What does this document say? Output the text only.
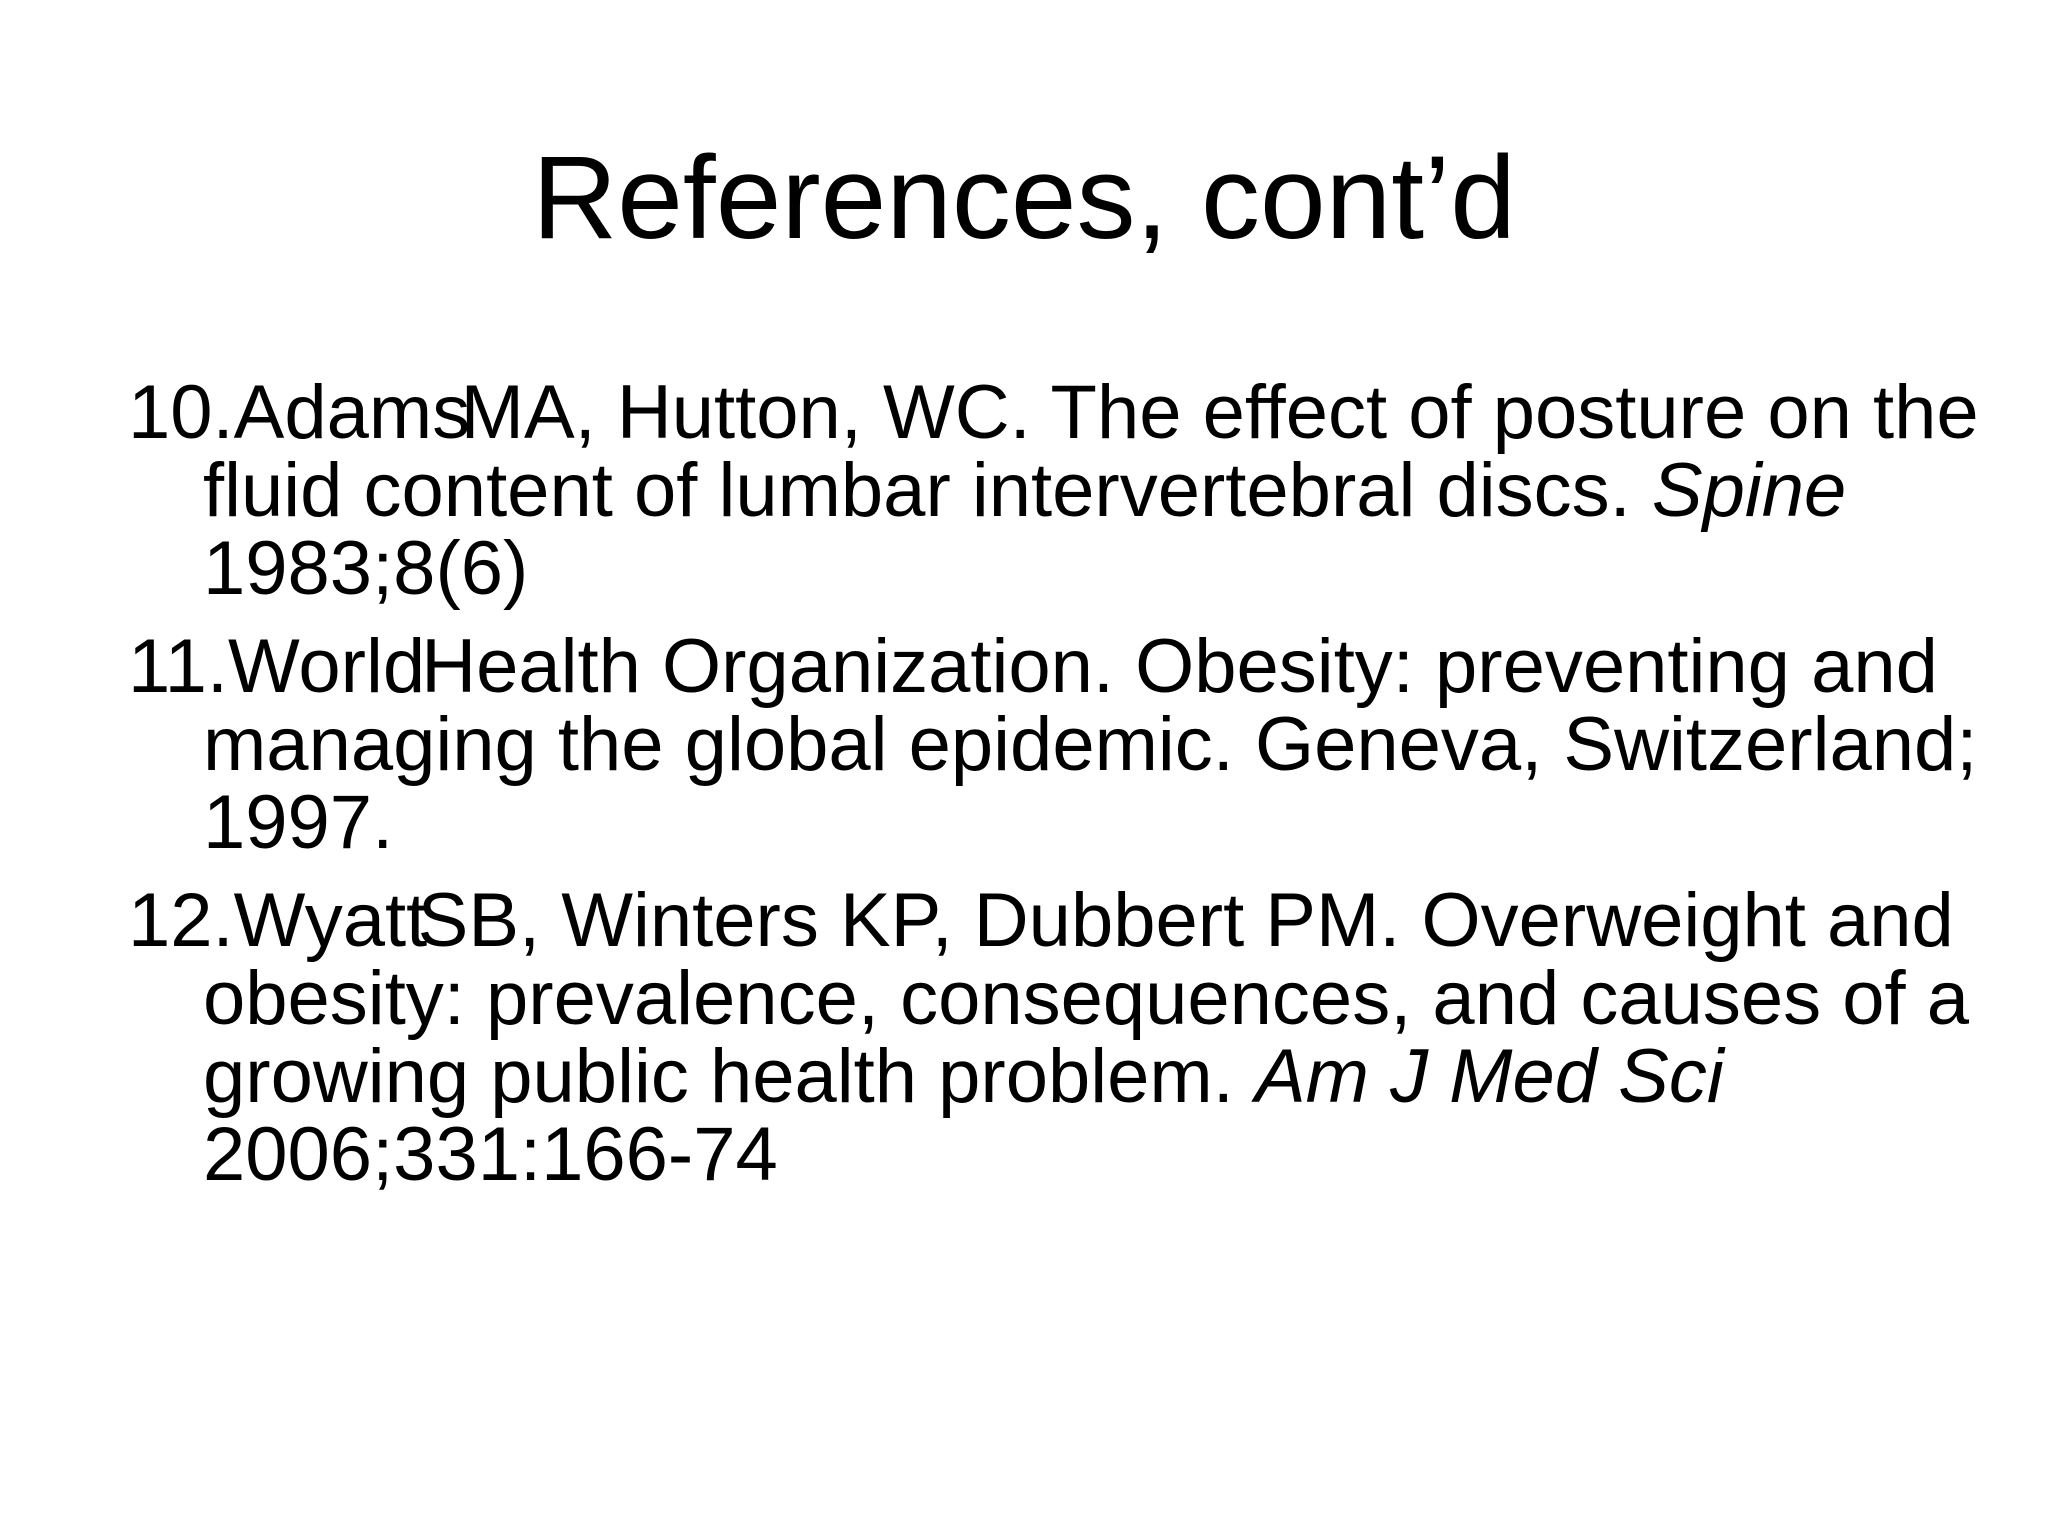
References, cont’d
10.Adams
MA, Hutton, WC. The effect of posture on the fluid content of lumbar intervertebral discs. Spine 1983;8(6)
11.World
Health Organization. Obesity: preventing and managing the global epidemic. Geneva, Switzerland; 1997.
12.Wyatt
SB, Winters KP, Dubbert PM. Overweight and obesity: prevalence, consequences, and causes of a growing public health problem. Am J Med Sci 2006;331:166-74
